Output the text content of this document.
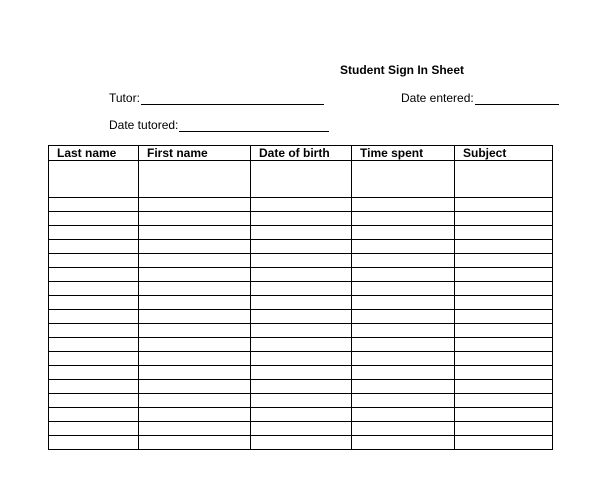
Student Sign In Sheet
Tutor:	Date entered:
Date tutored:
Last name	First name	Date of birth	Time spent	Subject
